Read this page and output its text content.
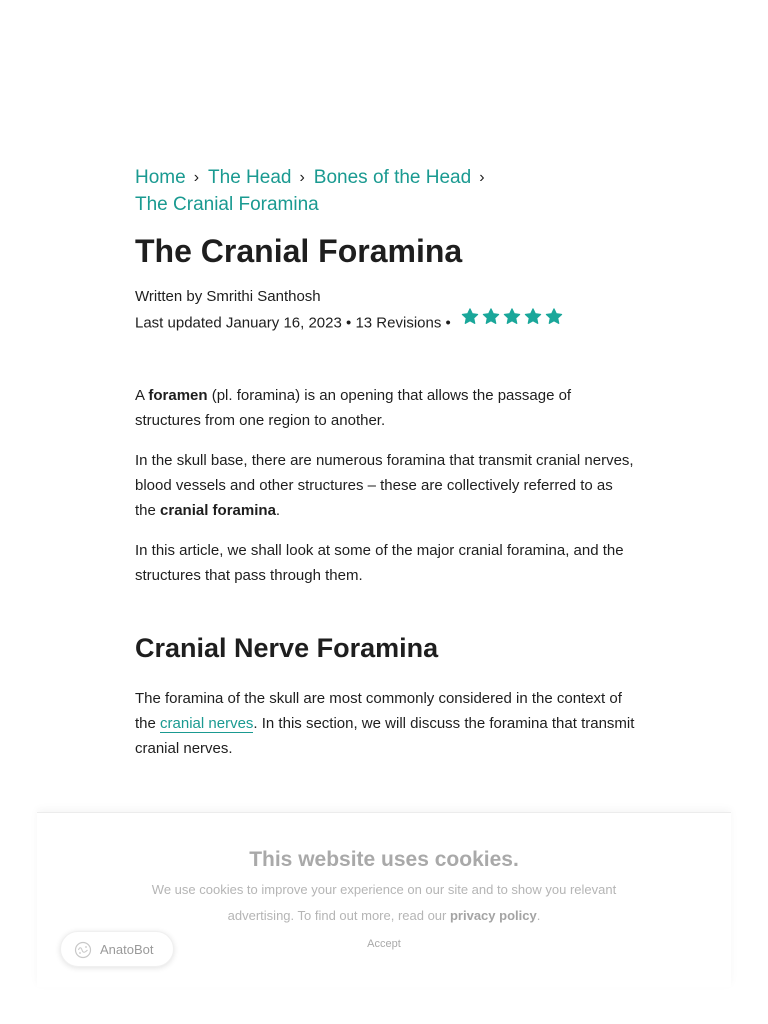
Home › The Head › Bones of the Head ›
The Cranial Foramina
The Cranial Foramina
Written by Smrithi Santhosh
Last updated January 16, 2023 • 13 Revisions •

A foramen (pl. foramina) is an opening that allows the passage of structures from one region to another.

In the skull base, there are numerous foramina that transmit cranial nerves, blood vessels and other structures – these are collectively referred to as the cranial foramina.

In this article, we shall look at some of the major cranial foramina, and the structures that pass through them.

Cranial Nerve Foramina

The foramina of the skull are most commonly considered in the context of the cranial nerves. In this section, we will discuss the foramina that transmit cranial nerves.

This website uses cookies.
We use cookies to improve your experience on our site and to show you relevant advertising. To find out more, read our privacy policy.
Accept
AnatoBot
